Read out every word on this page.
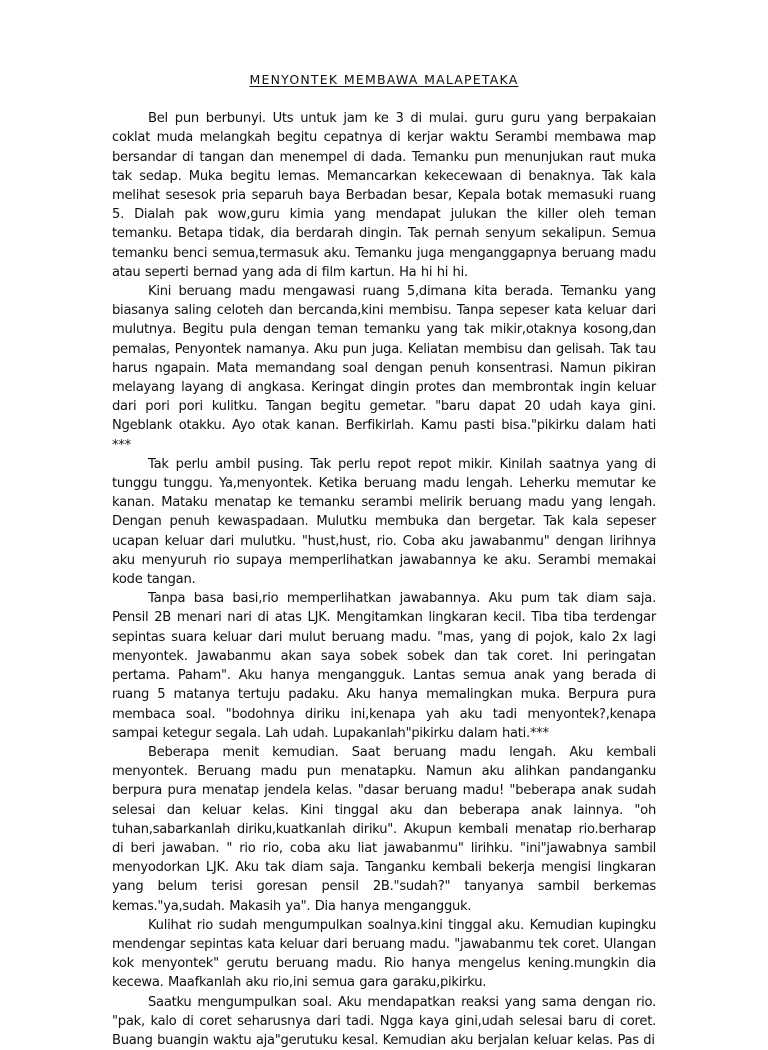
MENYONTEK MEMBAWA MALAPETAKA

Bel pun berbunyi. Uts untuk jam ke 3 di mulai. guru guru yang berpakaian coklat muda melangkah begitu cepatnya di kerjar waktu Serambi membawa map bersandar di tangan dan menempel di dada. Temanku pun menunjukan raut muka tak sedap. Muka begitu lemas. Memancarkan kekecewaan di benaknya. Tak kala melihat sesesok pria separuh baya Berbadan besar, Kepala botak memasuki ruang 5. Dialah pak wow,guru kimia yang mendapat julukan the killer oleh teman temanku. Betapa tidak, dia berdarah dingin. Tak pernah senyum sekalipun. Semua temanku benci semua,termasuk aku. Temanku juga menganggapnya beruang madu atau seperti bernad yang ada di film kartun. Ha hi hi hi.

Kini beruang madu mengawasi ruang 5,dimana kita berada. Temanku yang biasanya saling celoteh dan bercanda,kini membisu. Tanpa sepeser kata keluar dari mulutnya. Begitu pula dengan teman temanku yang tak mikir,otaknya kosong,dan pemalas, Penyontek namanya. Aku pun juga. Keliatan membisu dan gelisah. Tak tau harus ngapain. Mata memandang soal dengan penuh konsentrasi. Namun pikiran melayang layang di angkasa. Keringat dingin protes dan membrontak ingin keluar dari pori pori kulitku. Tangan begitu gemetar. "baru dapat 20 udah kaya gini. Ngeblank otakku. Ayo otak kanan. Berfikirlah. Kamu pasti bisa."pikirku dalam hati ***

Tak perlu ambil pusing. Tak perlu repot repot mikir. Kinilah saatnya yang di tunggu tunggu. Ya,menyontek. Ketika beruang madu lengah. Leherku memutar ke kanan. Mataku menatap ke temanku serambi melirik beruang madu yang lengah. Dengan penuh kewaspadaan. Mulutku membuka dan bergetar. Tak kala sepeser ucapan keluar dari mulutku. "hust,hust, rio. Coba aku jawabanmu" dengan lirihnya aku menyuruh rio supaya memperlihatkan jawabannya ke aku. Serambi memakai kode tangan.

Tanpa basa basi,rio memperlihatkan jawabannya. Aku pum tak diam saja. Pensil 2B menari nari di atas LJK. Mengitamkan lingkaran kecil. Tiba tiba terdengar sepintas suara keluar dari mulut beruang madu. "mas, yang di pojok, kalo 2x lagi menyontek. Jawabanmu akan saya sobek sobek dan tak coret. Ini peringatan pertama. Paham". Aku hanya mengangguk. Lantas semua anak yang berada di ruang 5 matanya tertuju padaku. Aku hanya memalingkan muka. Berpura pura membaca soal. "bodohnya diriku ini,kenapa yah aku tadi menyontek?,kenapa sampai ketegur segala. Lah udah. Lupakanlah"pikirku dalam hati.***

Beberapa menit kemudian. Saat beruang madu lengah. Aku kembali menyontek. Beruang madu pun menatapku. Namun aku alihkan pandanganku berpura pura menatap jendela kelas. "dasar beruang madu! "beberapa anak sudah selesai dan keluar kelas. Kini tinggal aku dan beberapa anak lainnya. "oh tuhan,sabarkanlah diriku,kuatkanlah diriku". Akupun kembali menatap rio.berharap di beri jawaban. " rio rio, coba aku liat jawabanmu" lirihku. "ini"jawabnya sambil menyodorkan LJK. Aku tak diam saja. Tanganku kembali bekerja mengisi lingkaran yang belum terisi goresan pensil 2B."sudah?" tanyanya sambil berkemas kemas."ya,sudah. Makasih ya". Dia hanya mengangguk.

Kulihat rio sudah mengumpulkan soalnya.kini tinggal aku. Kemudian kupingku mendengar sepintas kata keluar dari beruang madu. "jawabanmu tek coret. Ulangan kok menyontek" gerutu beruang madu. Rio hanya mengelus kening.mungkin dia kecewa. Maafkanlah aku rio,ini semua gara garaku,pikirku.

Saatku mengumpulkan soal. Aku mendapatkan reaksi yang sama dengan rio. "pak, kalo di coret seharusnya dari tadi. Ngga kaya gini,udah selesai baru di coret. Buang buangin waktu aja"gerutuku kesal. Kemudian aku berjalan keluar kelas. Pas di
